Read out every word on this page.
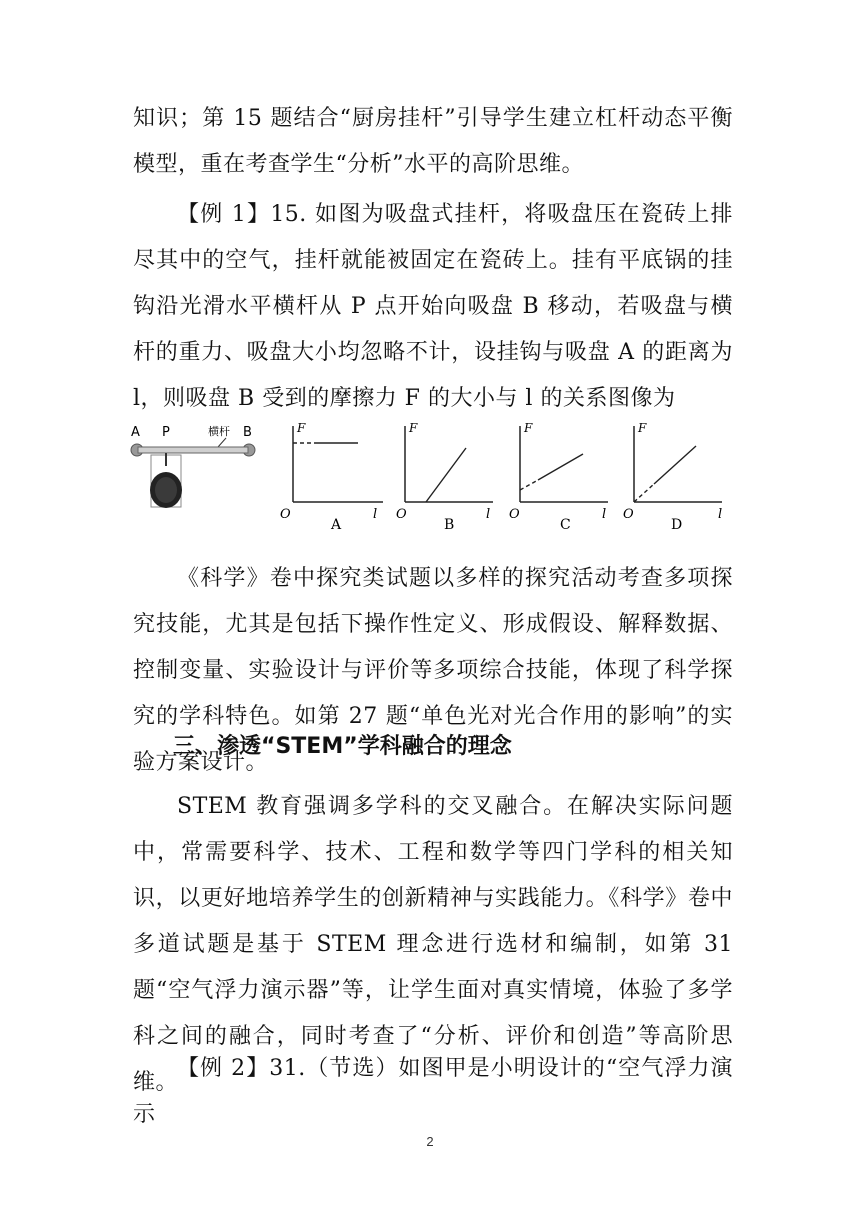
知识；第 15 题结合“厨房挂杆”引导学生建立杠杆动态平衡模型，重在考查学生“分析”水平的高阶思维。

【例 1】15. 如图为吸盘式挂杆，将吸盘压在瓷砖上排尽其中的空气，挂杆就能被固定在瓷砖上。挂有平底锅的挂钩沿光滑水平横杆从 P 点开始向吸盘 B 移动，若吸盘与横杆的重力、吸盘大小均忽略不计，设挂钩与吸盘 A 的距离为 l，则吸盘 B 受到的摩擦力 F 的大小与 l 的关系图像为

A P	横杆 B	F
O	l
A
F
O	l
B
F
O	l
C
F
O	l
D

《科学》卷中探究类试题以多样的探究活动考查多项探究技能，尤其是包括下操作性定义、形成假设、解释数据、控制变量、实验设计与评价等多项综合技能，体现了科学探究的学科特色。如第 27 题“单色光对光合作用的影响”的实验方案设计。

三、渗透“STEM”学科融合的理念

STEM 教育强调多学科的交叉融合。在解决实际问题中，常需要科学、技术、工程和数学等四门学科的相关知识，以更好地培养学生的创新精神与实践能力。《科学》卷中多道试题是基于 STEM 理念进行选材和编制，如第 31 题“空气浮力演示器”等，让学生面对真实情境，体验了多学科之间的融合，同时考查了“分析、评价和创造”等高阶思维。

【例 2】31.（节选）如图甲是小明设计的“空气浮力演示

2
